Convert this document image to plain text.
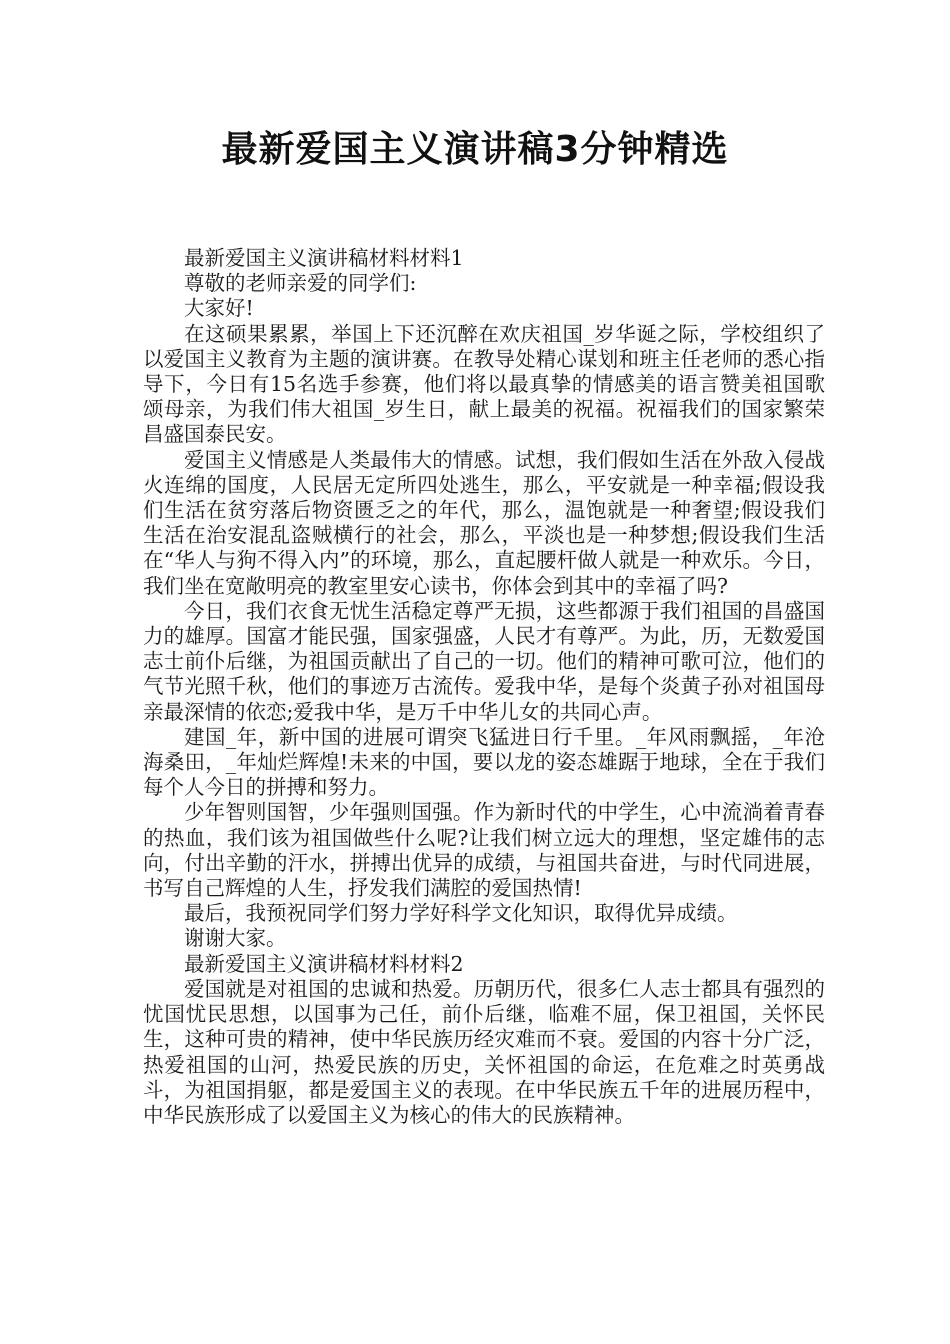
最新爱国主义演讲稿3分钟精选

最新爱国主义演讲稿材料材料1

尊敬的老师亲爱的同学们:

大家好!

在这硕果累累，举国上下还沉醉在欢庆祖国_岁华诞之际，学校组织了以爱国主义教育为主题的演讲赛。在教导处精心谋划和班主任老师的悉心指导下，今日有15名选手参赛，他们将以最真挚的情感美的语言赞美祖国歌颂母亲，为我们伟大祖国_岁生日，献上最美的祝福。祝福我们的国家繁荣昌盛国泰民安。

爱国主义情感是人类最伟大的情感。试想，我们假如生活在外敌入侵战火连绵的国度，人民居无定所四处逃生，那么，平安就是一种幸福;假设我们生活在贫穷落后物资匮乏之的年代，那么，温饱就是一种奢望;假设我们生活在治安混乱盗贼横行的社会，那么，平淡也是一种梦想;假设我们生活在“华人与狗不得入内”的环境，那么，直起腰杆做人就是一种欢乐。今日，我们坐在宽敞明亮的教室里安心读书，你体会到其中的幸福了吗?

今日，我们衣食无忧生活稳定尊严无损，这些都源于我们祖国的昌盛国力的雄厚。国富才能民强，国家强盛，人民才有尊严。为此，历，无数爱国志士前仆后继，为祖国贡献出了自己的一切。他们的精神可歌可泣，他们的气节光照千秋，他们的事迹万古流传。爱我中华，是每个炎黄子孙对祖国母亲最深情的依恋;爱我中华，是万千中华儿女的共同心声。

建国_年，新中国的进展可谓突飞猛进日行千里。_年风雨飘摇，_年沧海桑田，_年灿烂辉煌!未来的中国，要以龙的姿态雄踞于地球，全在于我们每个人今日的拼搏和努力。

少年智则国智，少年强则国强。作为新时代的中学生，心中流淌着青春的热血，我们该为祖国做些什么呢?让我们树立远大的理想，坚定雄伟的志向，付出辛勤的汗水，拼搏出优异的成绩，与祖国共奋进，与时代同进展，书写自己辉煌的人生，抒发我们满腔的爱国热情!

最后，我预祝同学们努力学好科学文化知识，取得优异成绩。

谢谢大家。

最新爱国主义演讲稿材料材料2

爱国就是对祖国的忠诚和热爱。历朝历代，很多仁人志士都具有强烈的忧国忧民思想，以国事为己任，前仆后继，临难不屈，保卫祖国，关怀民生，这种可贵的精神，使中华民族历经灾难而不衰。爱国的内容十分广泛，热爱祖国的山河，热爱民族的历史，关怀祖国的命运，在危难之时英勇战斗，为祖国捐躯，都是爱国主义的表现。在中华民族五千年的进展历程中，中华民族形成了以爱国主义为核心的伟大的民族精神。
